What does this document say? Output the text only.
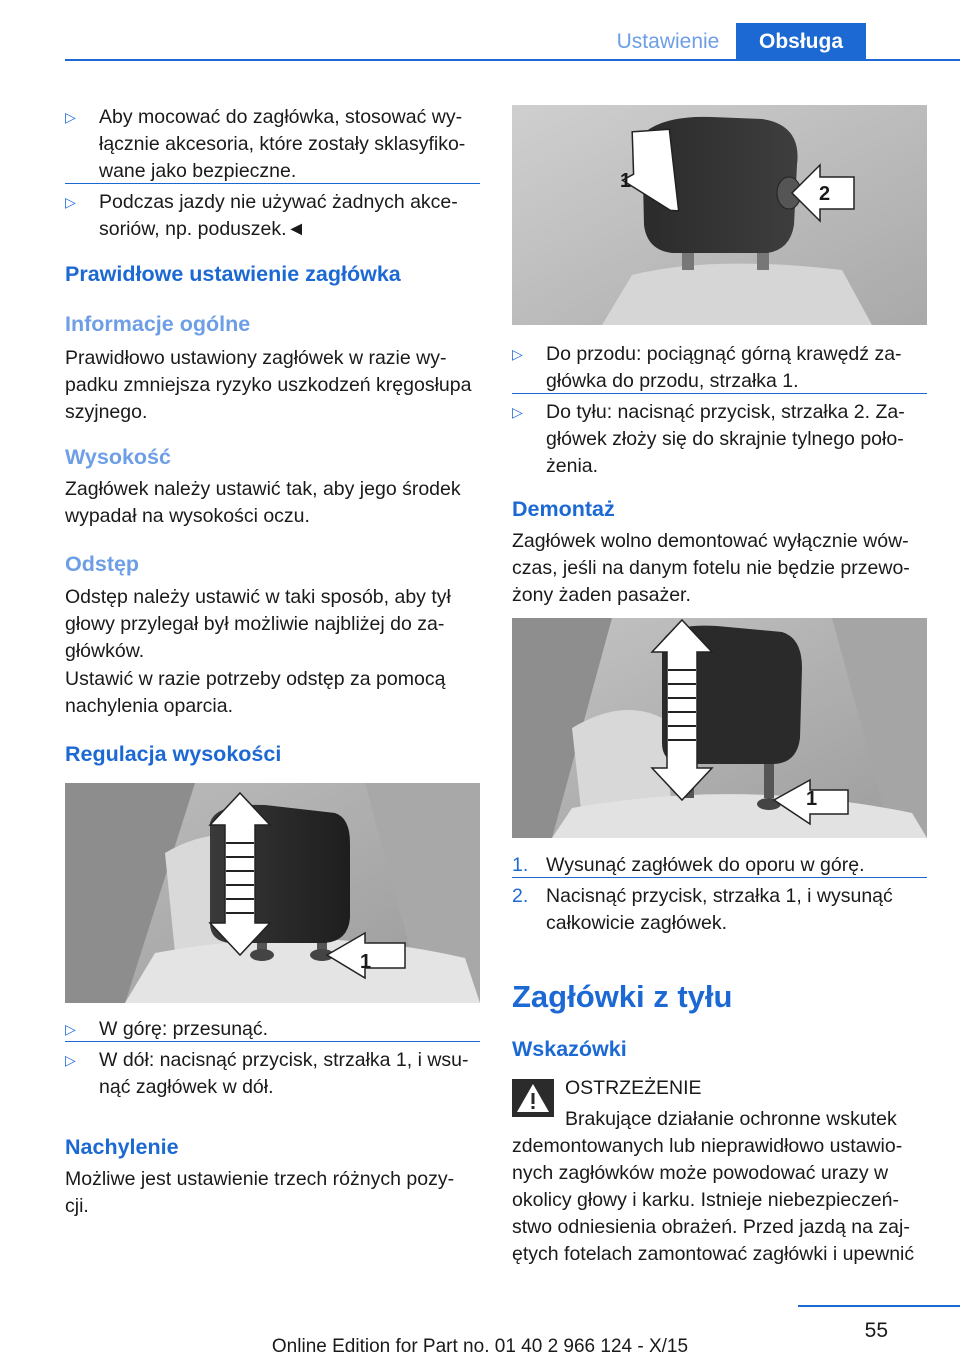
Ustawienie	Obsługa
▷ Aby mocować do zagłówka, stosować wy‐
łącznie akcesoria, które zostały sklasyfiko‐
wane jako bezpieczne.
▷ Podczas jazdy nie używać żadnych akce‐
soriów, np. poduszek.◄
Prawidłowe ustawienie zagłówka
Informacje ogólne
Prawidłowo ustawiony zagłówek w razie wy‐
padku zmniejsza ryzyko uszkodzeń kręgosłupa
szyjnego.
Wysokość
Zagłówek należy ustawić tak, aby jego środek
wypadał na wysokości oczu.
Odstęp
Odstęp należy ustawić w taki sposób, aby tył
głowy przylegał był możliwie najbliżej do za‐
główków.
Ustawić w razie potrzeby odstęp za pomocą
nachylenia oparcia.
Regulacja wysokości
1
▷ W górę: przesunąć.
▷ W dół: nacisnąć przycisk, strzałka 1, i wsu‐
nąć zagłówek w dół.
Nachylenie
Możliwe jest ustawienie trzech różnych pozy‐
cji.
1
2
▷ Do przodu: pociągnąć górną krawędź za‐
główka do przodu, strzałka 1.
▷ Do tyłu: nacisnąć przycisk, strzałka 2. Za‐
główek złoży się do skrajnie tylnego poło‐
żenia.
Demontaż
Zagłówek wolno demontować wyłącznie wów‐
czas, jeśli na danym fotelu nie będzie przewo‐
żony żaden pasażer.
1
1. Wysunąć zagłówek do oporu w górę.
2. Nacisnąć przycisk, strzałka 1, i wysunąć
całkowicie zagłówek.
Zagłówki z tyłu
Wskazówki
OSTRZEŻENIE
Brakujące działanie ochronne wskutek
zdemontowanych lub nieprawidłowo ustawio‐
nych zagłówków może powodować urazy w
okolicy głowy i karku. Istnieje niebezpieczeń‐
stwo odniesienia obrażeń. Przed jazdą na zaj‐
ętych fotelach zamontować zagłówki i upewnić
55
Online Edition for Part no. 01 40 2 966 124 - X/15
